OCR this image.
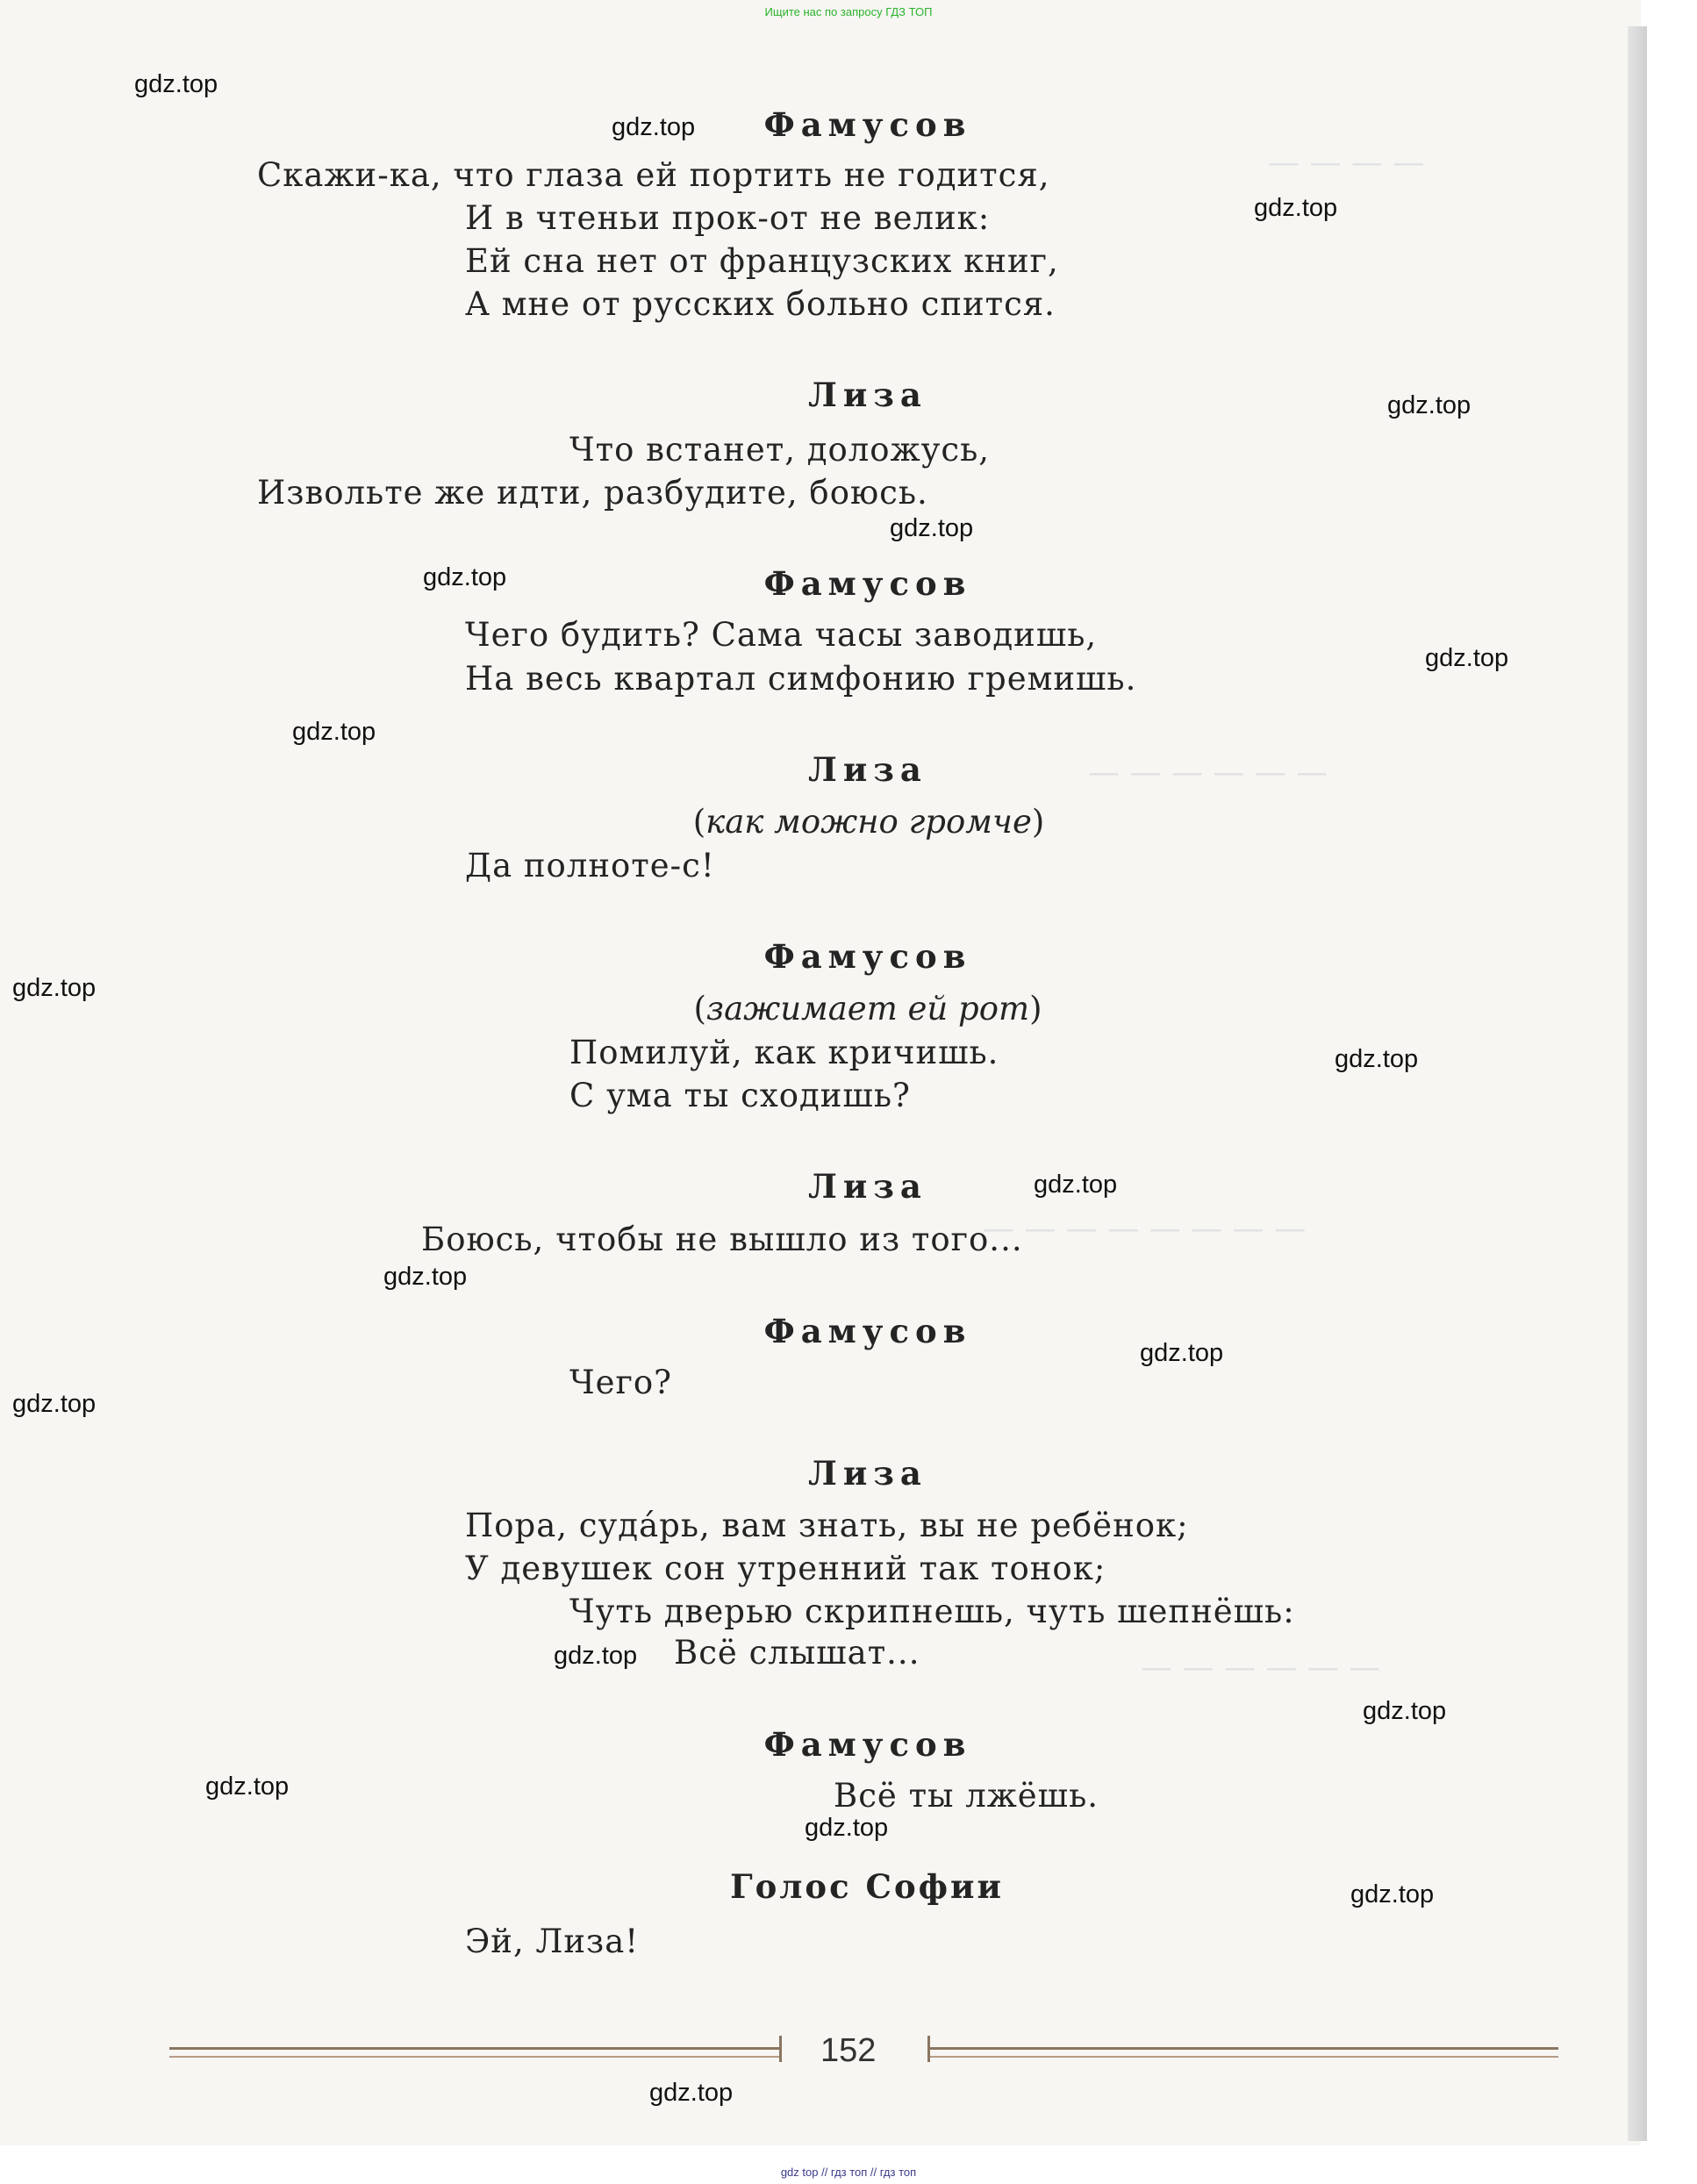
— — — —
— — — — — —
— — — — — — — —
— — — — — —
Ищите нас по запросу ГДЗ ТОП
Фамусов
Скажи-ка, что глаза ей портить не годится,
И в чтеньи прок-от не велик:
Ей сна нет от французских книг,
А мне от русских больно спится.
Лиза
Что встанет, доложусь,
Извольте же идти, разбудите, боюсь.
Фамусов
Чего будить? Сама часы заводишь,
На весь квартал симфонию гремишь.
Лиза
(как можно громче)
Да полноте-с!
Фамусов
(зажимает ей рот)
Помилуй, как кричишь.
С ума ты сходишь?
Лиза
Боюсь, чтобы не вышло из того...
Фамусов
Чего?
Лиза
Пора, суда́рь, вам знать, вы не ребёнок;
У девушек сон утренний так тонок;
Чуть дверью скрипнешь, чуть шепнёшь:
Всё слышат...
Фамусов
Всё ты лжёшь.
Голос Софии
Эй, Лиза!
152
gdz.top
gdz.top
gdz.top
gdz.top
gdz.top
gdz.top
gdz.top
gdz.top
gdz.top
gdz.top
gdz.top
gdz.top
gdz.top
gdz.top
gdz.top
gdz.top
gdz.top
gdz.top
gdz.top
gdz.top
gdz top // гдз топ // гдз топ
